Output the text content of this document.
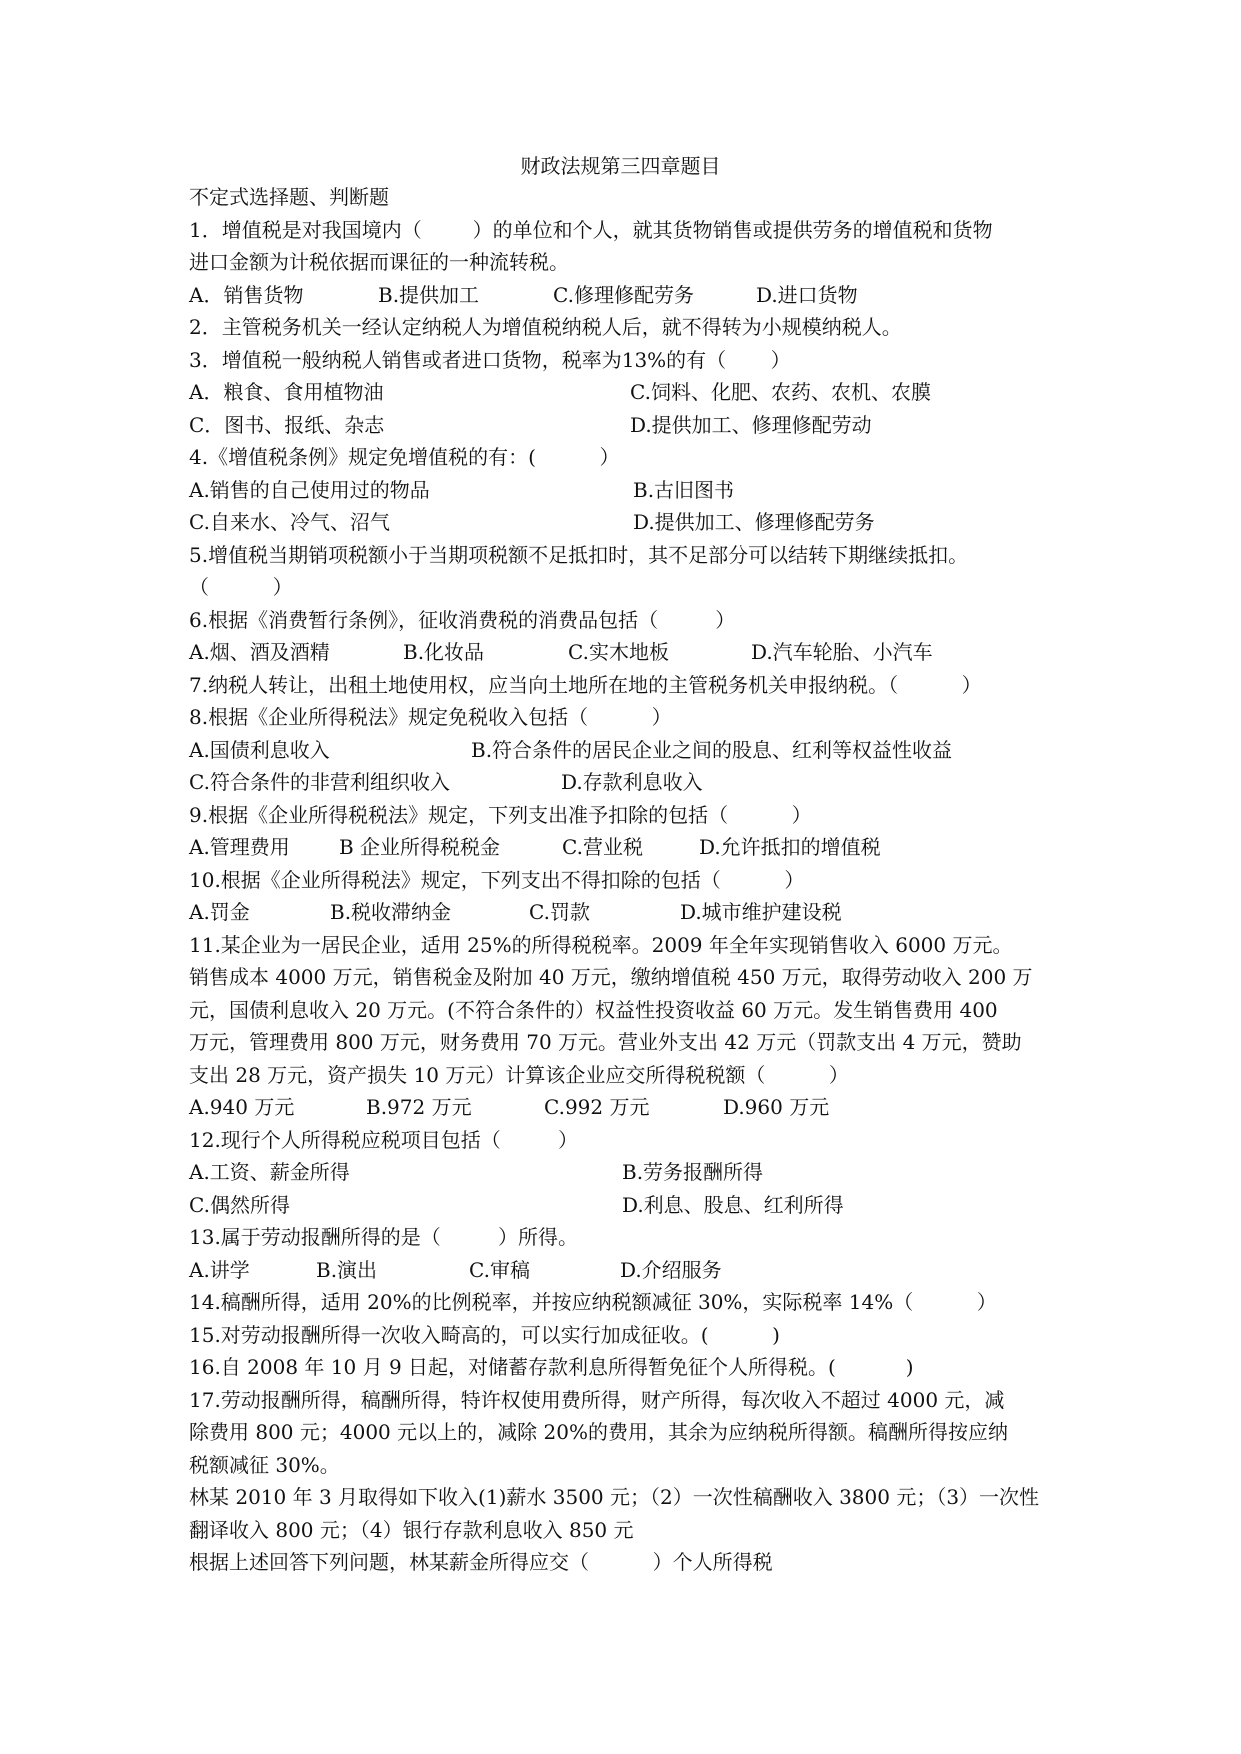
财政法规第三四章题目
不定式选择题、判断题
1．增值税是对我国境内（        ）的单位和个人，就其货物销售或提供劳务的增值税和货物
进口金额为计税依据而课征的一种流转税。
A．销售货物	B.提供加工	C.修理修配劳务	D.进口货物
2．主管税务机关一经认定纳税人为增值税纳税人后，就不得转为小规模纳税人。
3．增值税一般纳税人销售或者进口货物，税率为13%的有（       ）
A．粮食、食用植物油	C.饲料、化肥、农药、农机、农膜
C．图书、报纸、杂志	D.提供加工、修理修配劳动
4.《增值税条例》规定免增值税的有：(          ）
A.销售的自己使用过的物品	B.古旧图书
C.自来水、冷气、沼气	D.提供加工、修理修配劳务
5.增值税当期销项税额小于当期项税额不足抵扣时，其不足部分可以结转下期继续抵扣。
（          ）
6.根据《消费暂行条例》，征收消费税的消费品包括（         ）
A.烟、酒及酒精	B.化妆品	C.实木地板	D.汽车轮胎、小汽车
7.纳税人转让，出租土地使用权，应当向土地所在地的主管税务机关申报纳税。（          ）
8.根据《企业所得税法》规定免税收入包括（          ）
A.国债利息收入	B.符合条件的居民企业之间的股息、红利等权益性收益
C.符合条件的非营利组织收入	D.存款利息收入
9.根据《企业所得税税法》规定，下列支出准予扣除的包括（          ）
A.管理费用 B 企业所得税税金	C.营业税	D.允许抵扣的增值税
10.根据《企业所得税法》规定，下列支出不得扣除的包括（          ）
A.罚金	B.税收滞纳金	C.罚款	D.城市维护建设税
11.某企业为一居民企业，适用 25%的所得税税率。2009 年全年实现销售收入 6000 万元。
销售成本 4000 万元，销售税金及附加 40 万元，缴纳增值税 450 万元，取得劳动收入 200 万
元，国债利息收入 20 万元。(不符合条件的）权益性投资收益 60 万元。发生销售费用 400
万元，管理费用 800 万元，财务费用 70 万元。营业外支出 42 万元（罚款支出 4 万元，赞助
支出 28 万元，资产损失 10 万元）计算该企业应交所得税税额（          ）
A.940 万元	B.972 万元	C.992 万元	D.960 万元
12.现行个人所得税应税项目包括（         ）
A.工资、薪金所得	B.劳务报酬所得
C.偶然所得	D.利息、股息、红利所得
13.属于劳动报酬所得的是（         ）所得。
A.讲学	B.演出	C.审稿	D.介绍服务
14.稿酬所得，适用 20%的比例税率，并按应纳税额减征 30%，实际税率 14%（          ）
15.对劳动报酬所得一次收入畸高的，可以实行加成征收。(          )
16.自 2008 年 10 月 9 日起，对储蓄存款利息所得暂免征个人所得税。(           )
17.劳动报酬所得，稿酬所得，特许权使用费所得，财产所得，每次收入不超过 4000 元，减
除费用 800 元；4000 元以上的，减除 20%的费用，其余为应纳税所得额。稿酬所得按应纳
税额减征 30%。
林某 2010 年 3 月取得如下收入(1)薪水 3500 元；（2）一次性稿酬收入 3800 元；（3）一次性
翻译收入 800 元；（4）银行存款利息收入 850 元
根据上述回答下列问题，林某薪金所得应交（          ）个人所得税
